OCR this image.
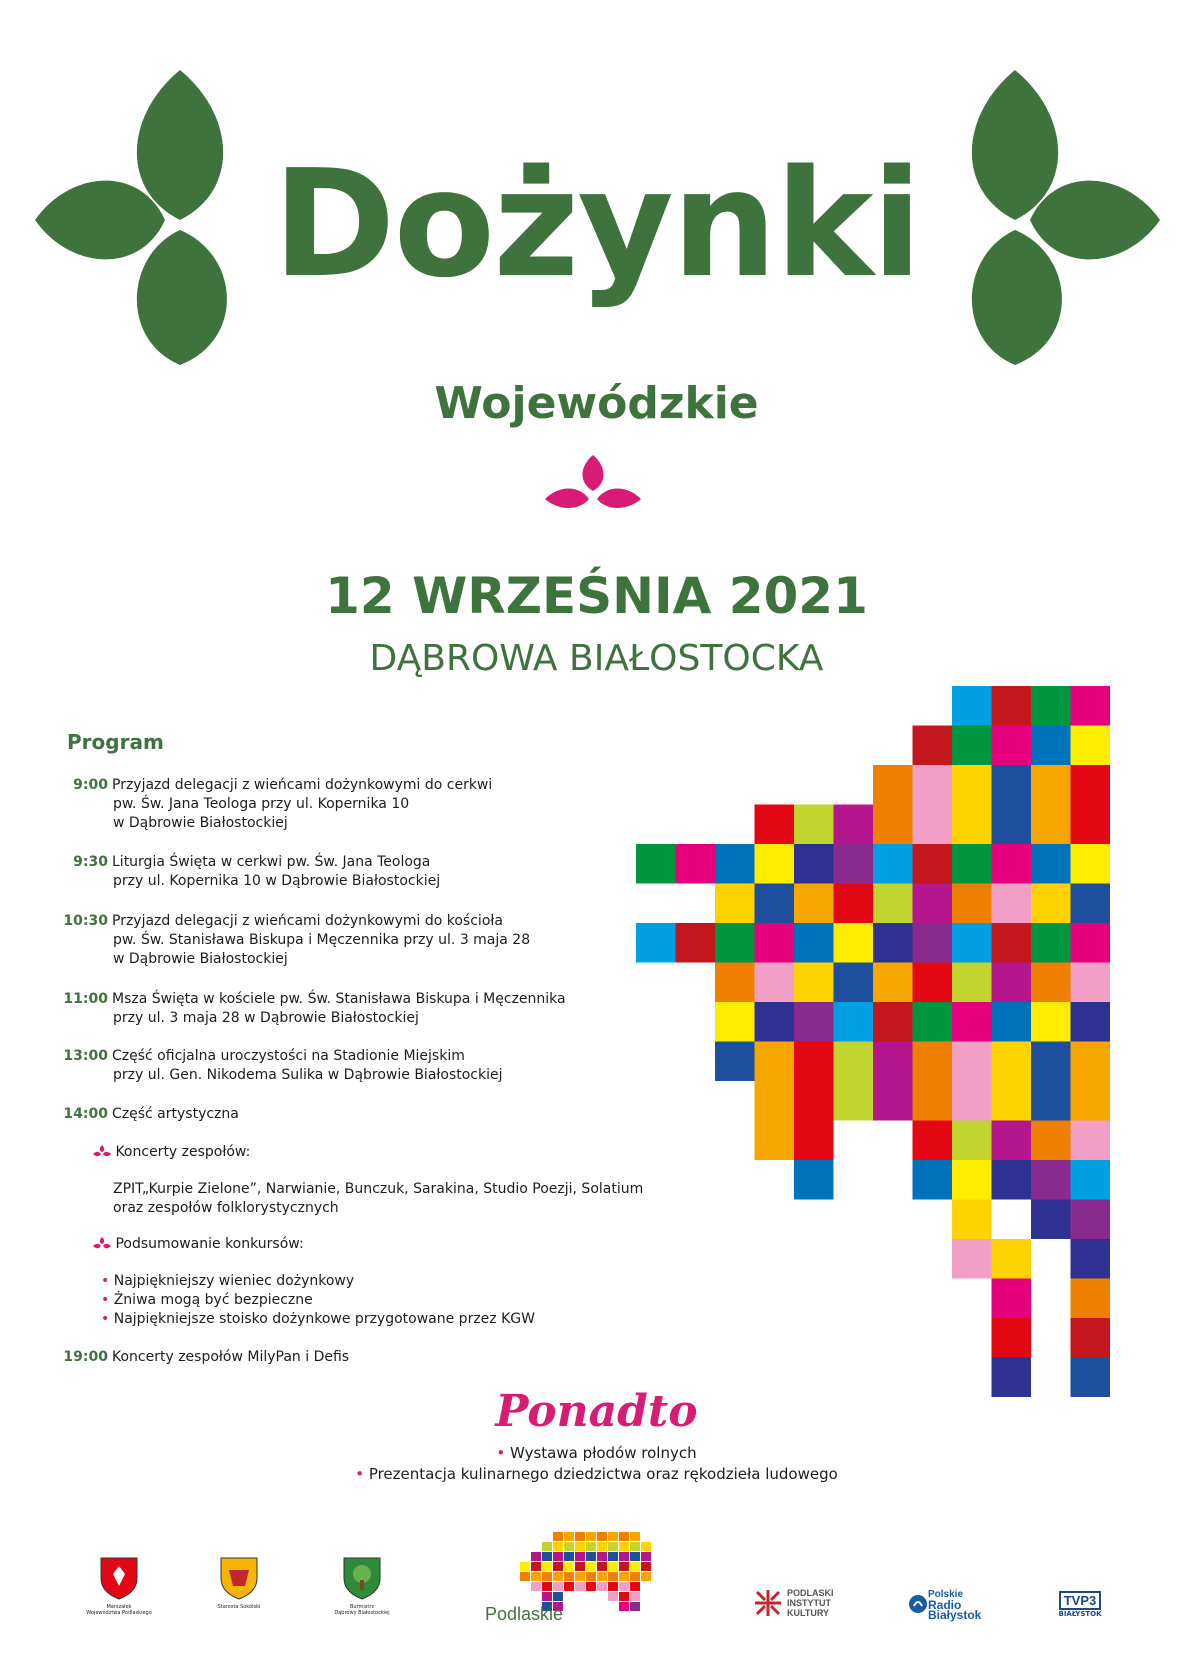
Dożynki
Wojewódzkie
12 WRZEŚNIA 2021
DĄBROWA BIAŁOSTOCKA
Program
9:00 Przyjazd delegacji z wieńcami dożynkowymi do cerkwi
pw. Św. Jana Teologa przy ul. Kopernika 10
w Dąbrowie Białostockiej
9:30 Liturgia Święta w cerkwi pw. Św. Jana Teologa
przy ul. Kopernika 10 w Dąbrowie Białostockiej
10:30 Przyjazd delegacji z wieńcami dożynkowymi do kościoła
pw. Św. Stanisława Biskupa i Męczennika przy ul. 3 maja 28
w Dąbrowie Białostockiej
11:00 Msza Święta w kościele pw. Św. Stanisława Biskupa i Męczennika
przy ul. 3 maja 28 w Dąbrowie Białostockiej
13:00 Część oficjalna uroczystości na Stadionie Miejskim
przy ul. Gen. Nikodema Sulika w Dąbrowie Białostockiej
14:00 Część artystyczna
Koncerty zespołów:
ZPIT„Kurpie Zielone”, Narwianie, Bunczuk, Sarakina, Studio Poezji, Solatium
oraz zespołów folklorystycznych
Podsumowanie konkursów:
• Najpiękniejszy wieniec dożynkowy
• Żniwa mogą być bezpieczne
• Najpiękniejsze stoisko dożynkowe przygotowane przez KGW
19:00 Koncerty zespołów MilyPan i Defis
Ponadto
• Wystawa płodów rolnych
• Prezentacja kulinarnego dziedzictwa oraz rękodzieła ludowego
Marszałek
Województwa Podlaskiego
Starosta Sokólski	Burmistrz
Dąbrowy Białostockiej	Podlaskie
PODLASKI
INSTYTUT
KULTURY
Polskie
Radio
Białystok
TVP3
BIAŁYSTOK
